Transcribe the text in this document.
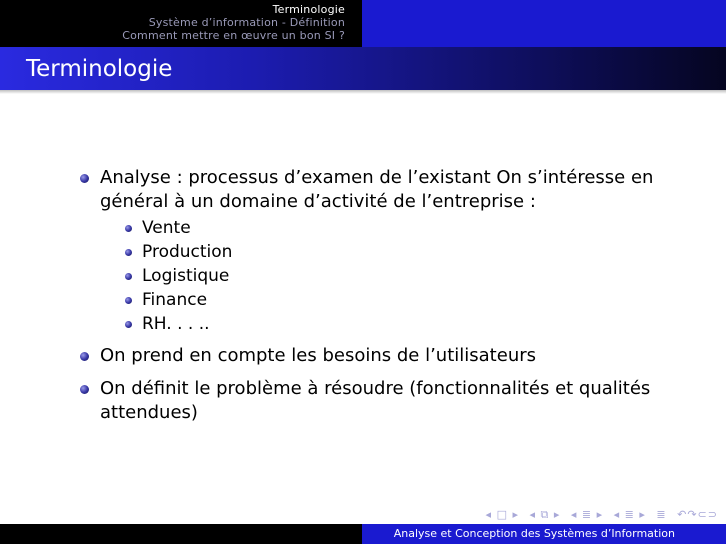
Terminologie
Système d’information - Définition
Comment mettre en œuvre un bon SI ?
Terminologie
Analyse : processus d’examen de l’existant On s’intéresse en
général à un domaine d’activité de l’entreprise :
Vente
Production
Logistique
Finance
RH. . . ..
On prend en compte les besoins de l’utilisateurs
On définit le problème à résoudre (fonctionnalités et qualités
attendues)
◂ □ ▸ ◂ ⧉ ▸ ◂ ≣ ▸ ◂ ≣ ▸ ≣ ↶↷⊂⊃
Analyse et Conception des Systèmes d’Information
